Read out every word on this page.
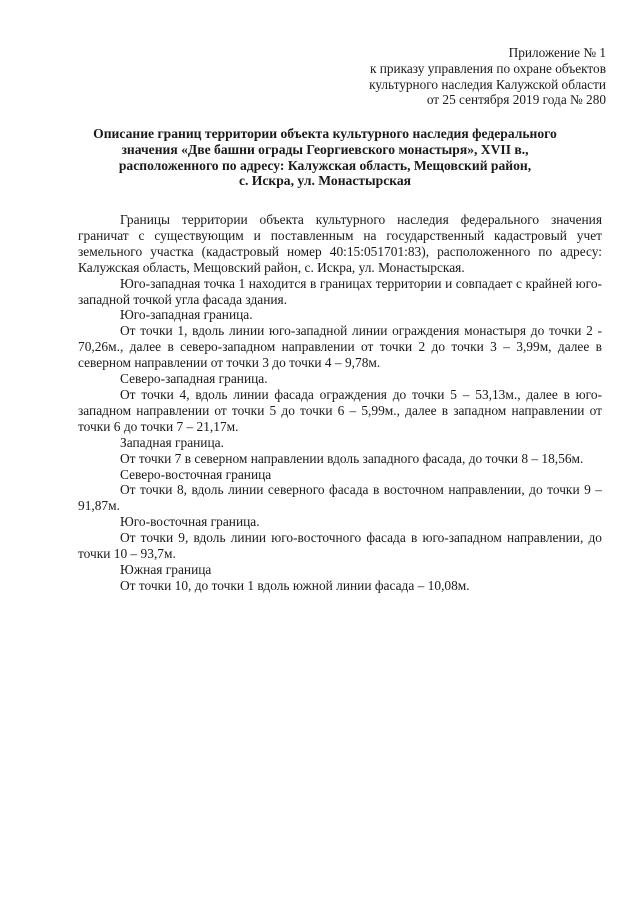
Приложение № 1
к приказу управления по охране объектов
культурного наследия Калужской области
от 25 сентября 2019 года № 280
Описание границ территории объекта культурного наследия федерального
значения «Две башни ограды Георгиевского монастыря», XVII в.,
расположенного по адресу: Калужская область, Мещовский район,
с. Искра, ул. Монастырская

Границы территории объекта культурного наследия федерального значения граничат с существующим и поставленным на государственный кадастровый учет земельного участка (кадастровый номер 40:15:051701:83), расположенного по адресу: Калужская область, Мещовский район, с. Искра, ул. Монастырская.

Юго-западная точка 1 находится в границах территории и совпадает с крайней юго-западной точкой угла фасада здания.

Юго-западная граница.

От точки 1, вдоль линии юго-западной линии ограждения монастыря до точки 2 - 70,26м., далее в северо-западном направлении от точки 2 до точки 3 – 3,99м, далее в северном направлении от точки 3 до точки 4 – 9,78м.

Северо-западная граница.

От точки 4, вдоль линии фасада ограждения до точки 5 – 53,13м., далее в юго-западном направлении от точки 5 до точки 6 – 5,99м., далее в западном направлении от точки 6 до точки 7 – 21,17м.

Западная граница.

От точки 7 в северном направлении вдоль западного фасада, до точки 8 – 18,56м.

Северо-восточная граница

От точки 8, вдоль линии северного фасада в восточном направлении, до точки 9 – 91,87м.

Юго-восточная граница.

От точки 9, вдоль линии юго-восточного фасада в юго-западном направлении, до точки 10 – 93,7м.

Южная граница

От точки 10, до точки 1 вдоль южной линии фасада – 10,08м.
